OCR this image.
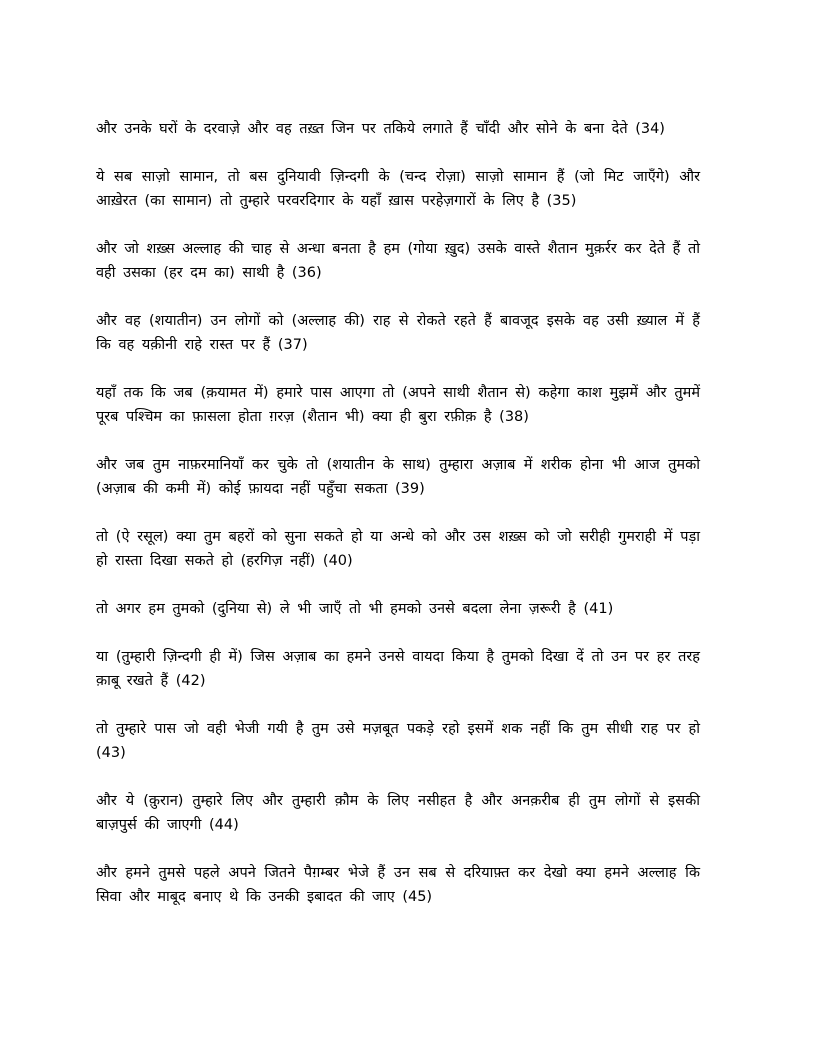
और उनके घरों के दरवाज़े और वह तख़्त जिन पर तकिये लगाते हैं चाँदी और सोने के बना देते (34)

ये सब साज़ो सामान, तो बस दुनियावी ज़िन्दगी के (चन्द रोज़ा) साज़ो सामान हैं (जो मिट जाएँगे) और आख़ेरत (का सामान) तो तुम्हारे परवरदिगार के यहाँ ख़ास परहेज़गारों के लिए है (35)

और जो शख़्स अल्लाह की चाह से अन्धा बनता है हम (गोया ख़ुद) उसके वास्ते शैतान मुक़र्रर कर देते हैं तो वही उसका (हर दम का) साथी है (36)

और वह (शयातीन) उन लोगों को (अल्लाह की) राह से रोकते रहते हैं बावजूद इसके वह उसी ख़्याल में हैं कि वह यक़ीनी राहे रास्त पर हैं (37)

यहाँ तक कि जब (क़यामत में) हमारे पास आएगा तो (अपने साथी शैतान से) कहेगा काश मुझमें और तुममें पूरब पश्चिम का फ़ासला होता ग़रज़ (शैतान भी) क्या ही बुरा रफ़ीक़ है (38)

और जब तुम नाफ़रमानियाँ कर चुके तो (शयातीन के साथ) तुम्हारा अज़ाब में शरीक होना भी आज तुमको (अज़ाब की कमी में) कोई फ़ायदा नहीं पहुँचा सकता (39)

तो (ऐ रसूल) क्या तुम बहरों को सुना सकते हो या अन्धे को और उस शख़्स को जो सरीही गुमराही में पड़ा हो रास्ता दिखा सकते हो (हरगिज़ नहीं) (40)

तो अगर हम तुमको (दुनिया से) ले भी जाएँ तो भी हमको उनसे बदला लेना ज़रूरी है (41)

या (तुम्हारी ज़िन्दगी ही में) जिस अज़ाब का हमने उनसे वायदा किया है तुमको दिखा दें तो उन पर हर तरह क़ाबू रखते हैं (42)

तो तुम्हारे पास जो वही भेजी गयी है तुम उसे मज़बूत पकड़े रहो इसमें शक नहीं कि तुम सीधी राह पर हो (43)

और ये (क़ुरान) तुम्हारे लिए और तुम्हारी क़ौम के लिए नसीहत है और अनक़रीब ही तुम लोगों से इसकी बाज़पुर्स की जाएगी (44)

और हमने तुमसे पहले अपने जितने पैग़म्बर भेजे हैं उन सब से दरियाफ़्त कर देखो क्या हमने अल्लाह कि सिवा और माबूद बनाए थे कि उनकी इबादत की जाए (45)
